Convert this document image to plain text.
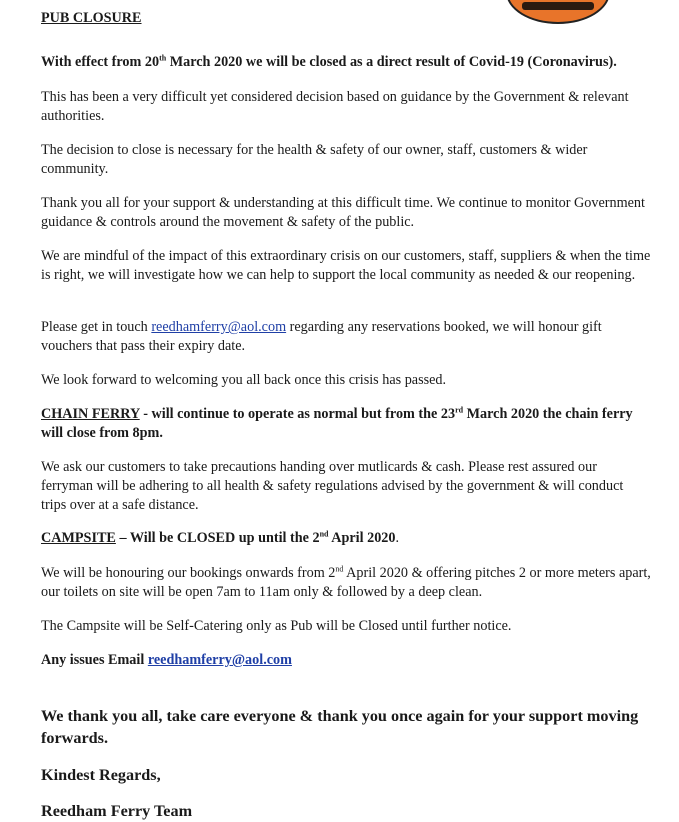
PUB CLOSURE

With effect from 20th March 2020 we will be closed as a direct result of Covid-19 (Coronavirus).

This has been a very difficult yet considered decision based on guidance by the Government & relevant authorities.

The decision to close is necessary for the health & safety of our owner, staff, customers & wider community.

Thank you all for your support & understanding at this difficult time. We continue to monitor Government guidance & controls around the movement & safety of the public.

We are mindful of the impact of this extraordinary crisis on our customers, staff, suppliers & when the time is right, we will investigate how we can help to support the local community as needed & our reopening.

Please get in touch reedhamferry@aol.com regarding any reservations booked, we will honour gift vouchers that pass their expiry date.

We look forward to welcoming you all back once this crisis has passed.

CHAIN FERRY - will continue to operate as normal but from the 23rd March 2020 the chain ferry will close from 8pm.

We ask our customers to take precautions handing over mutlicards & cash. Please rest assured our ferryman will be adhering to all health & safety regulations advised by the government & will conduct trips over at a safe distance.

CAMPSITE – Will be CLOSED up until the 2nd April 2020.

We will be honouring our bookings onwards from 2nd April 2020 & offering pitches 2 or more meters apart, our toilets on site will be open 7am to 11am only & followed by a deep clean.

The Campsite will be Self-Catering only as Pub will be Closed until further notice.

Any issues Email reedhamferry@aol.com

We thank you all, take care everyone & thank you once again for your support moving forwards.

Kindest Regards,

Reedham Ferry Team
